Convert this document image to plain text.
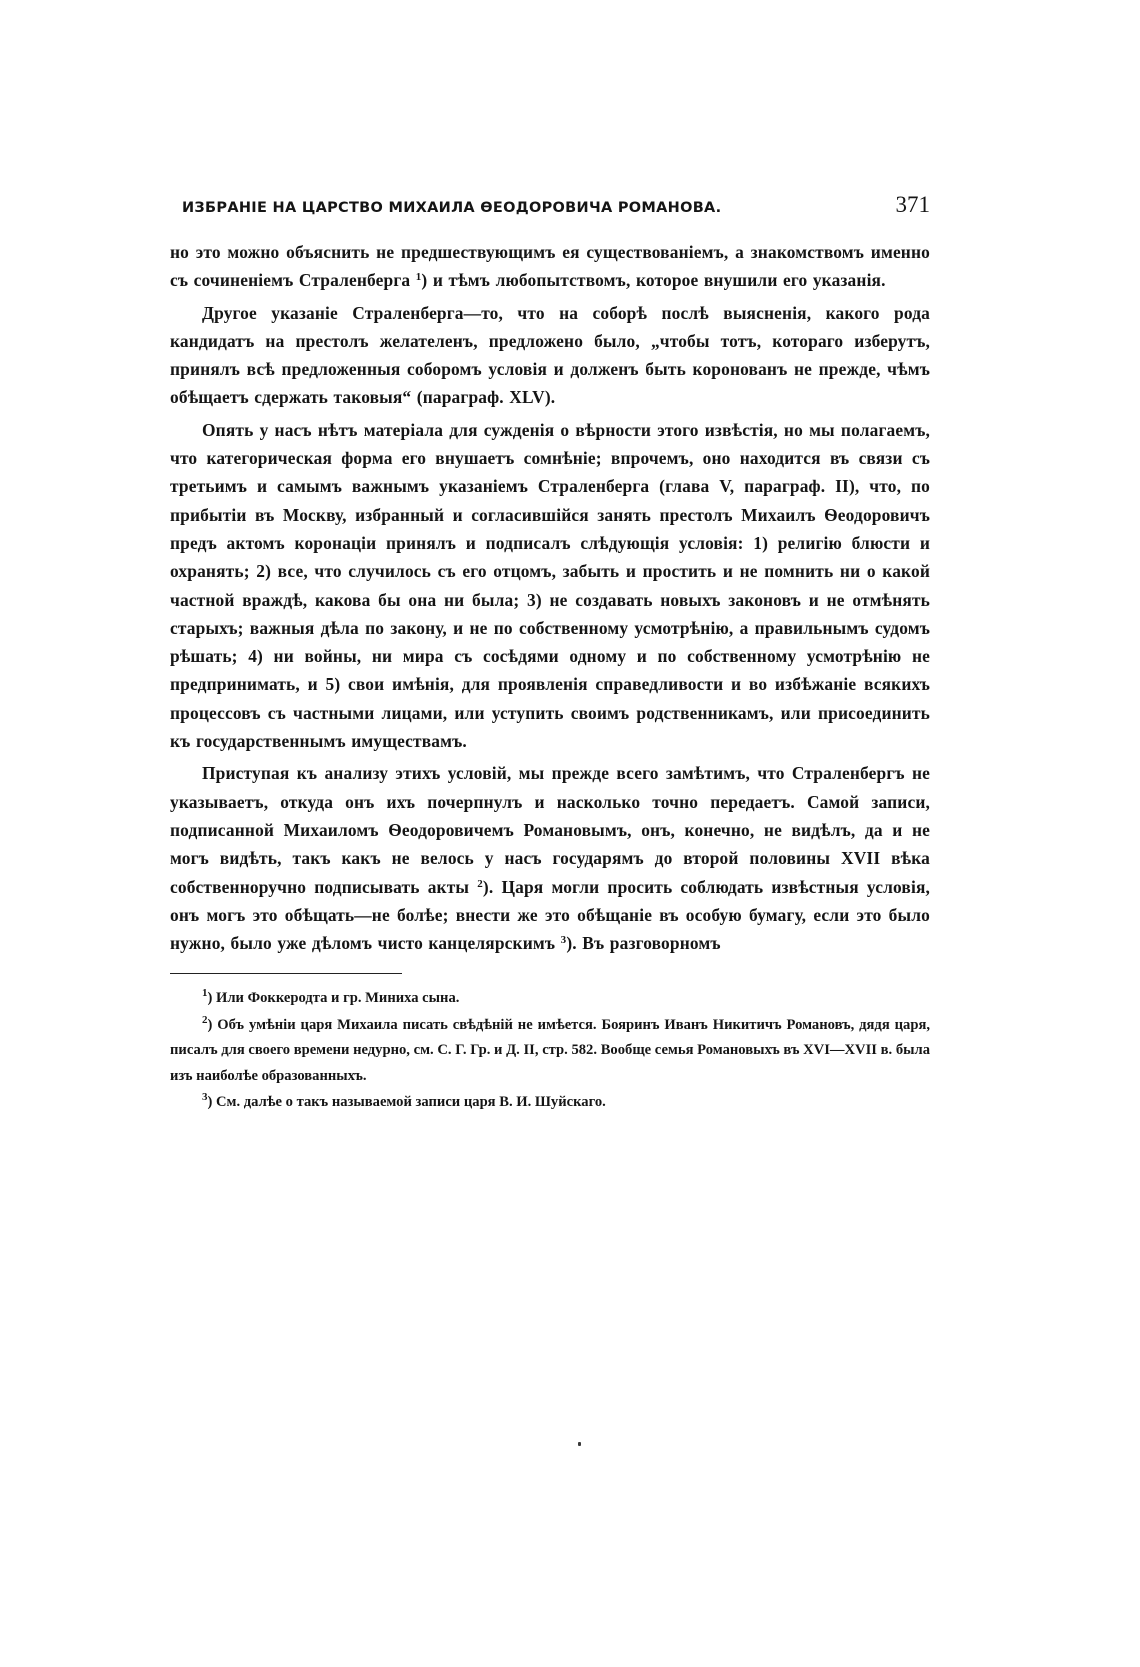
ИЗБРАНІЕ НА ЦАРСТВО МИХАИЛА ѲЕОДОРОВИЧА РОМАНОВА.	371

но это можно объяснить не предшествующимъ ея существованіемъ, а знакомствомъ именно съ сочиненіемъ Страленберга $^1$) и тѣмъ любопытствомъ, которое внушили его указанія.

Другое указаніе Страленберга—то, что на соборѣ послѣ выясненія, какого рода кандидатъ на престолъ желателенъ, предложено было, „чтобы тотъ, котораго изберутъ, принялъ всѣ предложенныя соборомъ условія и долженъ быть коронованъ не прежде, чѣмъ обѣщаетъ сдержать таковыя“ (параграф. XLV).

Опять у насъ нѣтъ матеріала для сужденія о вѣрности этого извѣстія, но мы полагаемъ, что категорическая форма его внушаетъ сомнѣніе; впрочемъ, оно находится въ связи съ третьимъ и самымъ важнымъ указаніемъ Страленберга (глава V, параграф. II), что, по прибытіи въ Москву, избранный и согласившійся занять престолъ Михаилъ Ѳеодоровичъ предъ актомъ коронаціи принялъ и подписалъ слѣдующія условія: 1) религію блюсти и охранять; 2) все, что случилось съ его отцомъ, забыть и простить и не помнить ни о какой частной враждѣ, какова бы она ни была; 3) не создавать новыхъ законовъ и не отмѣнять старыхъ; важныя дѣла по закону, и не по собственному усмотрѣнію, а правильнымъ судомъ рѣшать; 4) ни войны, ни мира съ сосѣдями одному и по собственному усмотрѣнію не предпринимать, и 5) свои имѣнія, для проявленія справедливости и во избѣжаніе всякихъ процессовъ съ частными лицами, или уступить своимъ родственникамъ, или присоединить къ государственнымъ имуществамъ.

Приступая къ анализу этихъ условій, мы прежде всего замѣтимъ, что Страленбергъ не указываетъ, откуда онъ ихъ почерпнулъ и насколько точно передаетъ. Самой записи, подписанной Михаиломъ Ѳеодоровичемъ Романовымъ, онъ, конечно, не видѣлъ, да и не могъ видѣть, такъ какъ не велось у насъ государямъ до второй половины XVII вѣка собственноручно подписывать акты $^2$). Царя могли просить соблюдать извѣстныя условія, онъ могъ это обѣщать—не болѣе; внести же это обѣщаніе въ особую бумагу, если это было нужно, было уже дѣломъ чисто канцелярскимъ $^3$). Въ разговорномъ

$^1$) Или Фоккеродта и гр. Миниха сына.

$^2$) Объ умѣніи царя Михаила писать свѣдѣній не имѣется. Бояринъ Иванъ Никитичъ Романовъ, дядя царя, писалъ для своего времени недурно, см. С. Г. Гр. и Д. II, стр. 582. Вообще семья Романовыхъ въ XVI—XVII в. была изъ наиболѣе образованныхъ.

$^3$) См. далѣе о такъ называемой записи царя В. И. Шуйскаго.
